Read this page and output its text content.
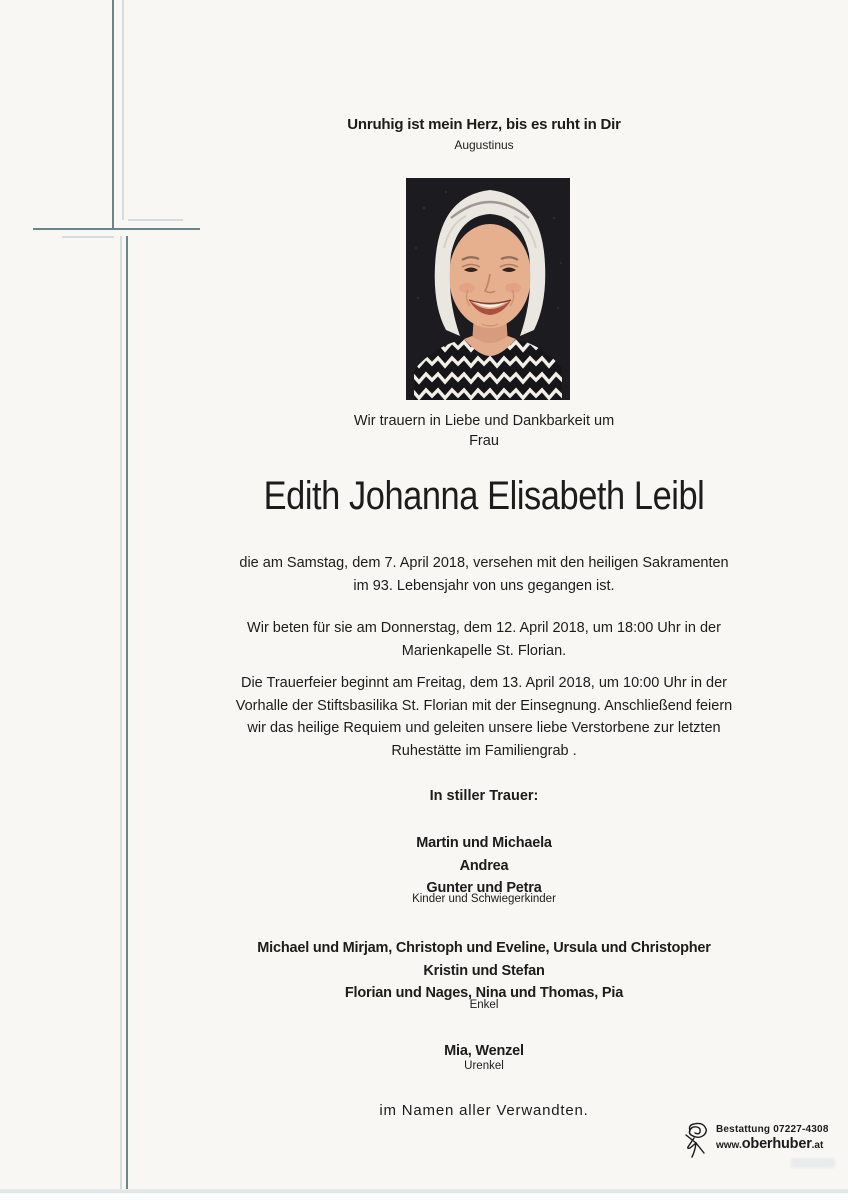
Unruhig ist mein Herz, bis es ruht in Dir
Augustinus
Wir trauern in Liebe und Dankbarkeit um
Frau
Edith Johanna Elisabeth Leibl
die am Samstag, dem 7. April 2018, versehen mit den heiligen Sakramenten
im 93. Lebensjahr von uns gegangen ist.
Wir beten für sie am Donnerstag, dem 12. April 2018, um 18:00 Uhr in der
Marienkapelle St. Florian.
Die Trauerfeier beginnt am Freitag, dem 13. April 2018, um 10:00 Uhr in der
Vorhalle der Stiftsbasilika St. Florian mit der Einsegnung. Anschließend feiern
wir das heilige Requiem und geleiten unsere liebe Verstorbene zur letzten
Ruhestätte im Familiengrab .
In stiller Trauer:
Martin und Michaela
Andrea
Gunter und Petra
Kinder und Schwiegerkinder
Michael und Mirjam, Christoph und Eveline, Ursula und Christopher
Kristin und Stefan
Florian und Nages, Nina und Thomas, Pia
Enkel
Mia, Wenzel
Urenkel
im Namen aller Verwandten.
Bestattung 07227-4308
www.oberhuber.at
